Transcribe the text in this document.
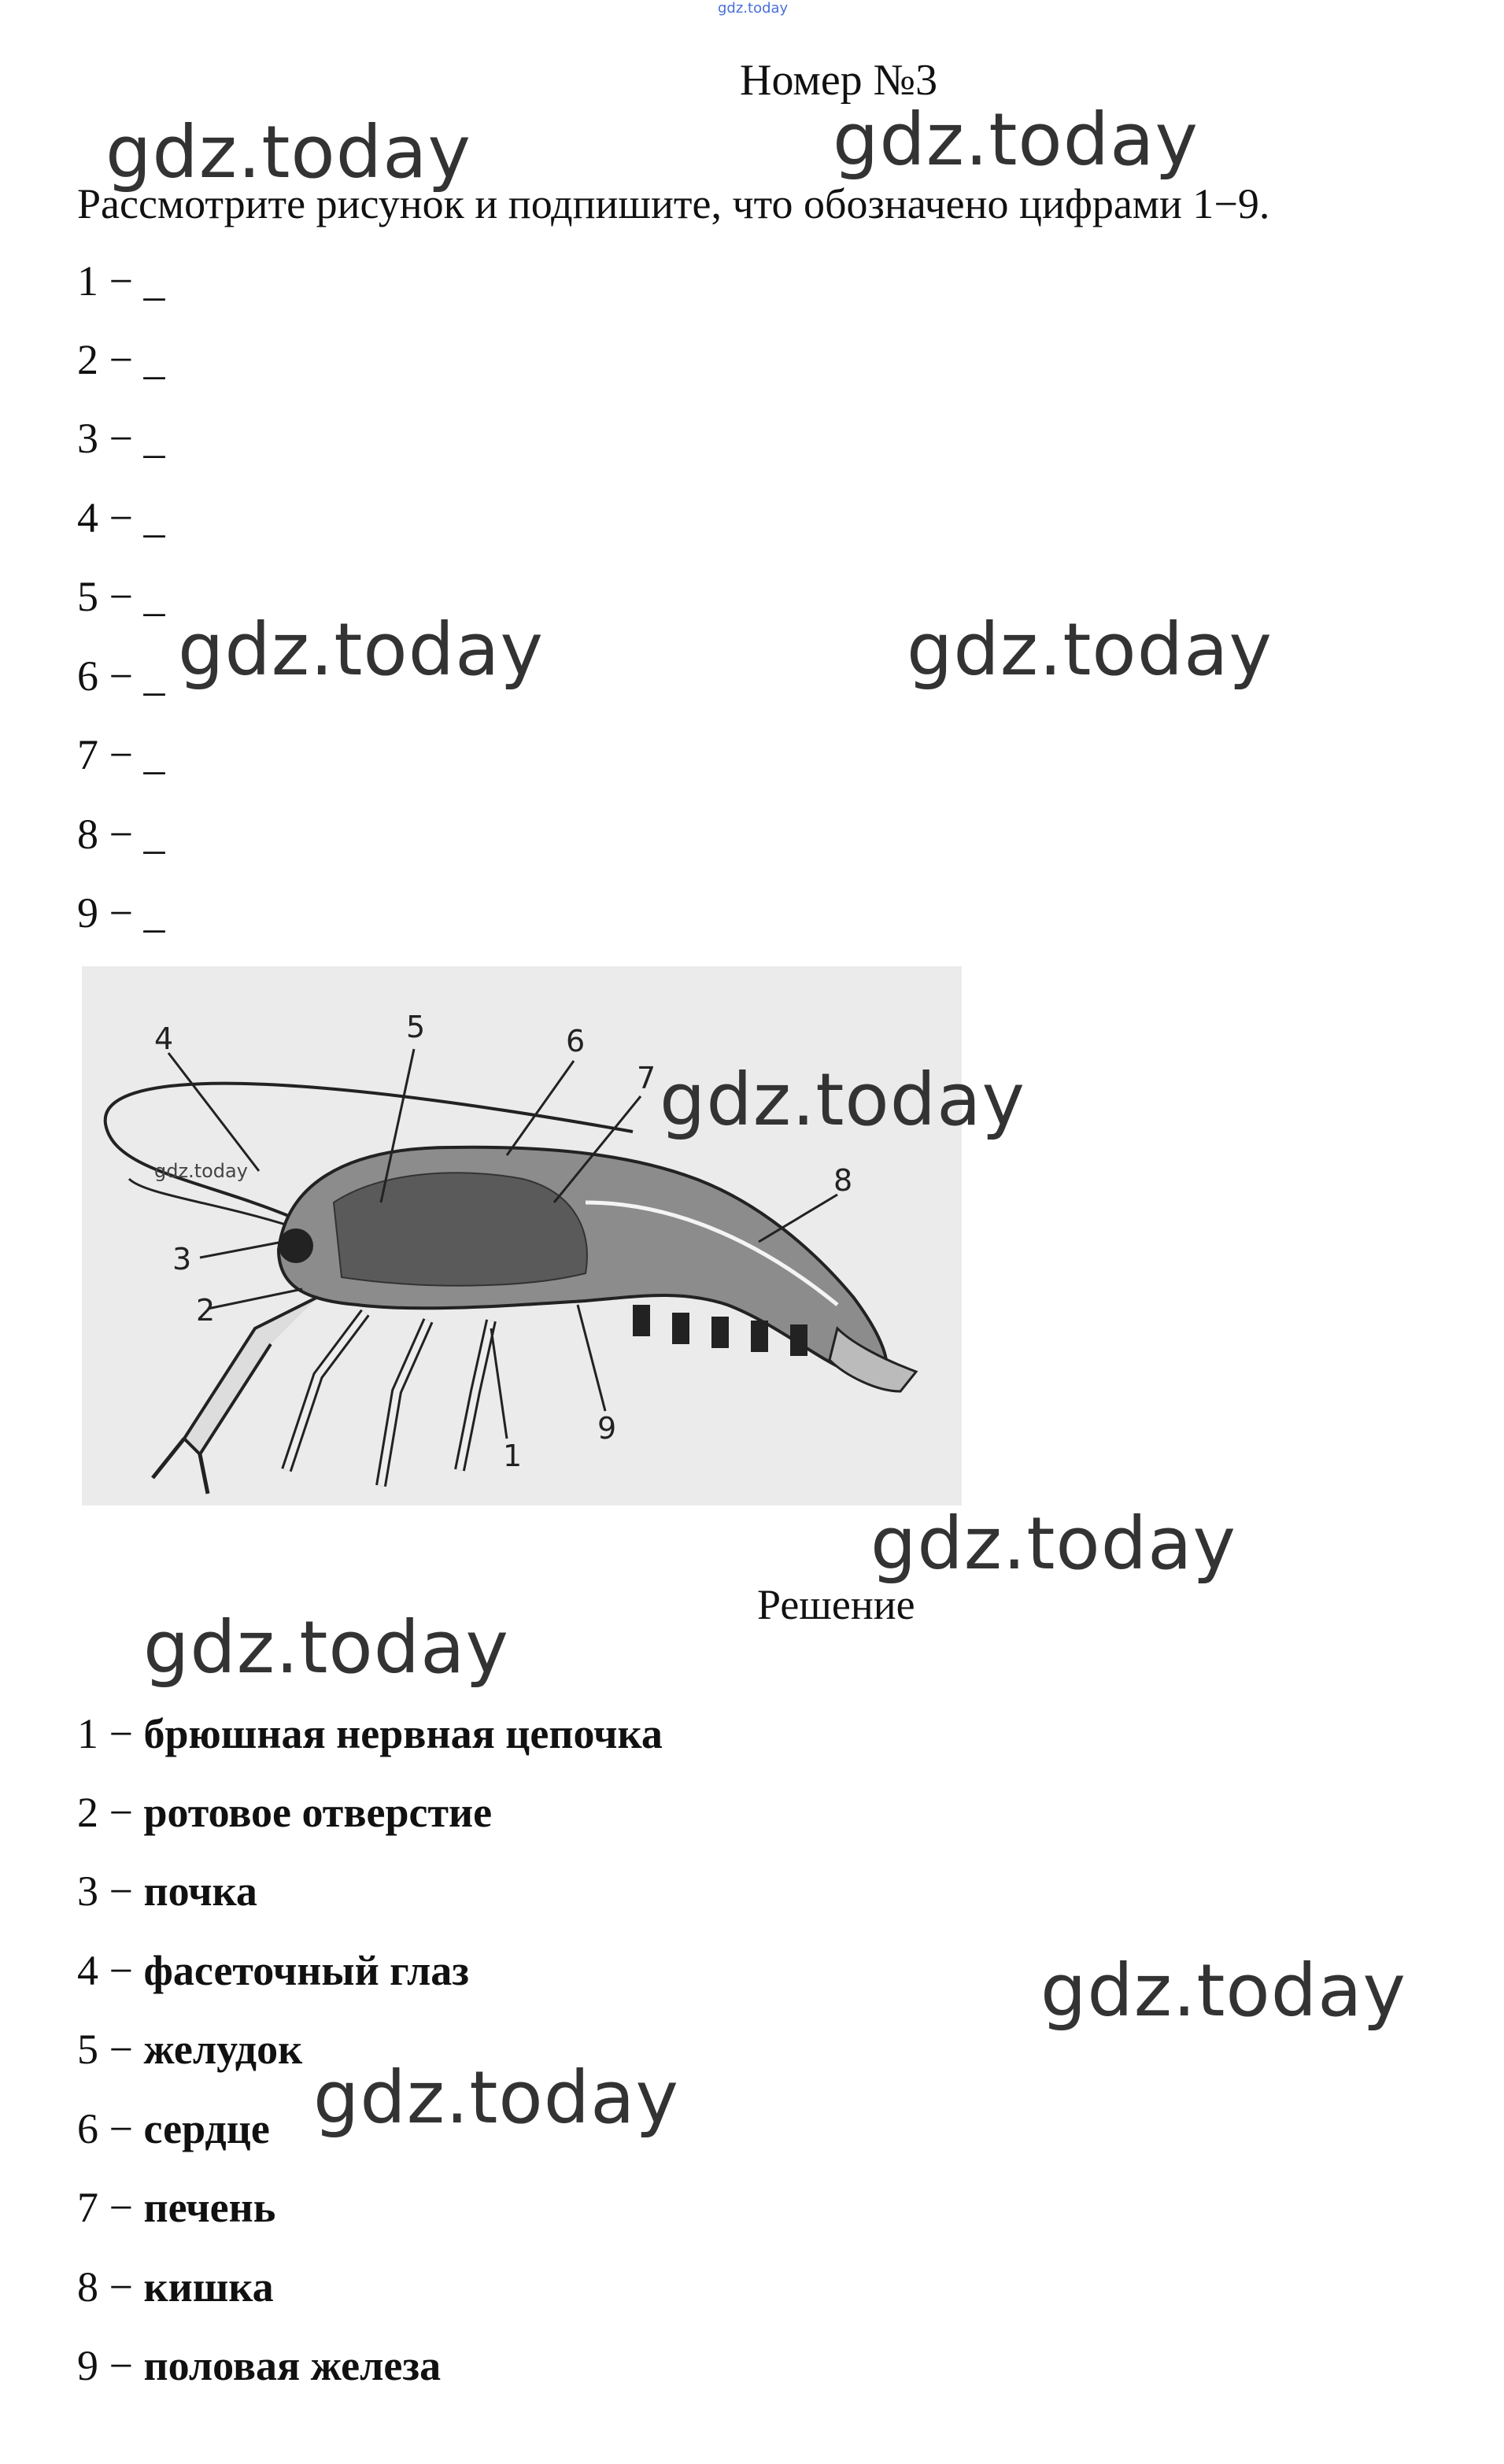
gdz.today
Номер №3
Рассмотрите рисунок и подпишите, что обозначено цифрами 1−9.
1 − _
2 − _
3 − _
4 − _
5 − _
6 − _
7 − _
8 − _
9 − _
4	5	6
7
8
3
2
1
9
gdz.today
Решение
1 − брюшная нервная цепочка
2 − ротовое отверстие
3 − почка
4 − фасеточный глаз
5 − желудок
6 − сердце
7 − печень
8 − кишка
9 − половая железа
gdz.today	gdz.today
gdz.today	gdz.today
gdz.today
gdz.today
gdz.today
gdz.today
gdz.today
